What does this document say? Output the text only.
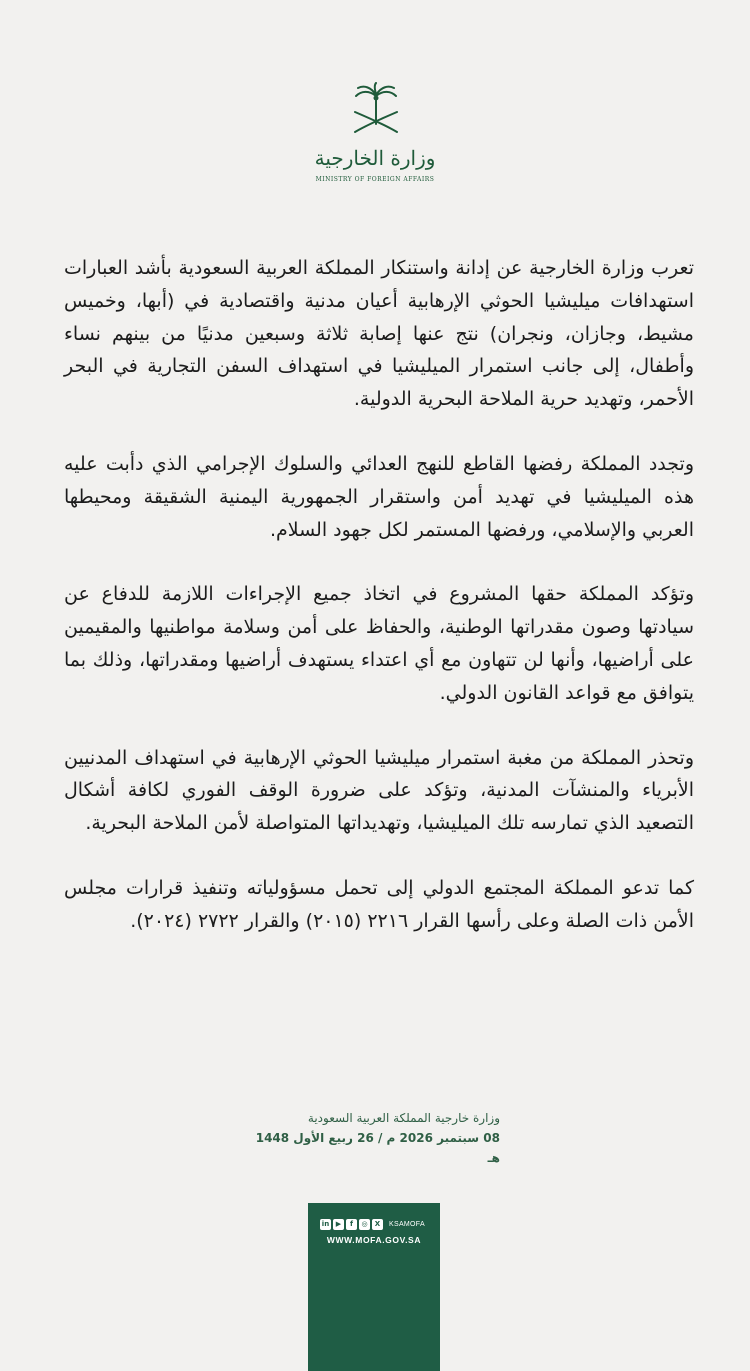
وزارة الخارجية
MINISTRY OF FOREIGN AFFAIRS

تعرب وزارة الخارجية عن إدانة واستنكار المملكة العربية السعودية بأشد العبارات استهدافات ميليشيا الحوثي الإرهابية أعيان مدنية واقتصادية في (أبها، وخميس مشيط، وجازان، ونجران) نتج عنها إصابة ثلاثة وسبعين مدنيًا من بينهم نساء وأطفال، إلى جانب استمرار الميليشيا في استهداف السفن التجارية في البحر الأحمر، وتهديد حرية الملاحة البحرية الدولية.

وتجدد المملكة رفضها القاطع للنهج العدائي والسلوك الإجرامي الذي دأبت عليه هذه الميليشيا في تهديد أمن واستقرار الجمهورية اليمنية الشقيقة ومحيطها العربي والإسلامي، ورفضها المستمر لكل جهود السلام.

وتؤكد المملكة حقها المشروع في اتخاذ جميع الإجراءات اللازمة للدفاع عن سيادتها وصون مقدراتها الوطنية، والحفاظ على أمن وسلامة مواطنيها والمقيمين على أراضيها، وأنها لن تتهاون مع أي اعتداء يستهدف أراضيها ومقدراتها، وذلك بما يتوافق مع قواعد القانون الدولي.

وتحذر المملكة من مغبة استمرار ميليشيا الحوثي الإرهابية في استهداف المدنيين الأبرياء والمنشآت المدنية، وتؤكد على ضرورة الوقف الفوري لكافة أشكال التصعيد الذي تمارسه تلك الميليشيا، وتهديداتها المتواصلة لأمن الملاحة البحرية.

كما تدعو المملكة المجتمع الدولي إلى تحمل مسؤولياته وتنفيذ قرارات مجلس الأمن ذات الصلة وعلى رأسها القرار ٢٢١٦ (٢٠١٥) والقرار ٢٧٢٢ (٢٠٢٤).

وزارة خارجية المملكة العربية السعودية
08 سبتمبر 2026 م / 26 ربيع الأول 1448 هـ
in ▶	f	◎	X	KSAMOFA
WWW.MOFA.GOV.SA
